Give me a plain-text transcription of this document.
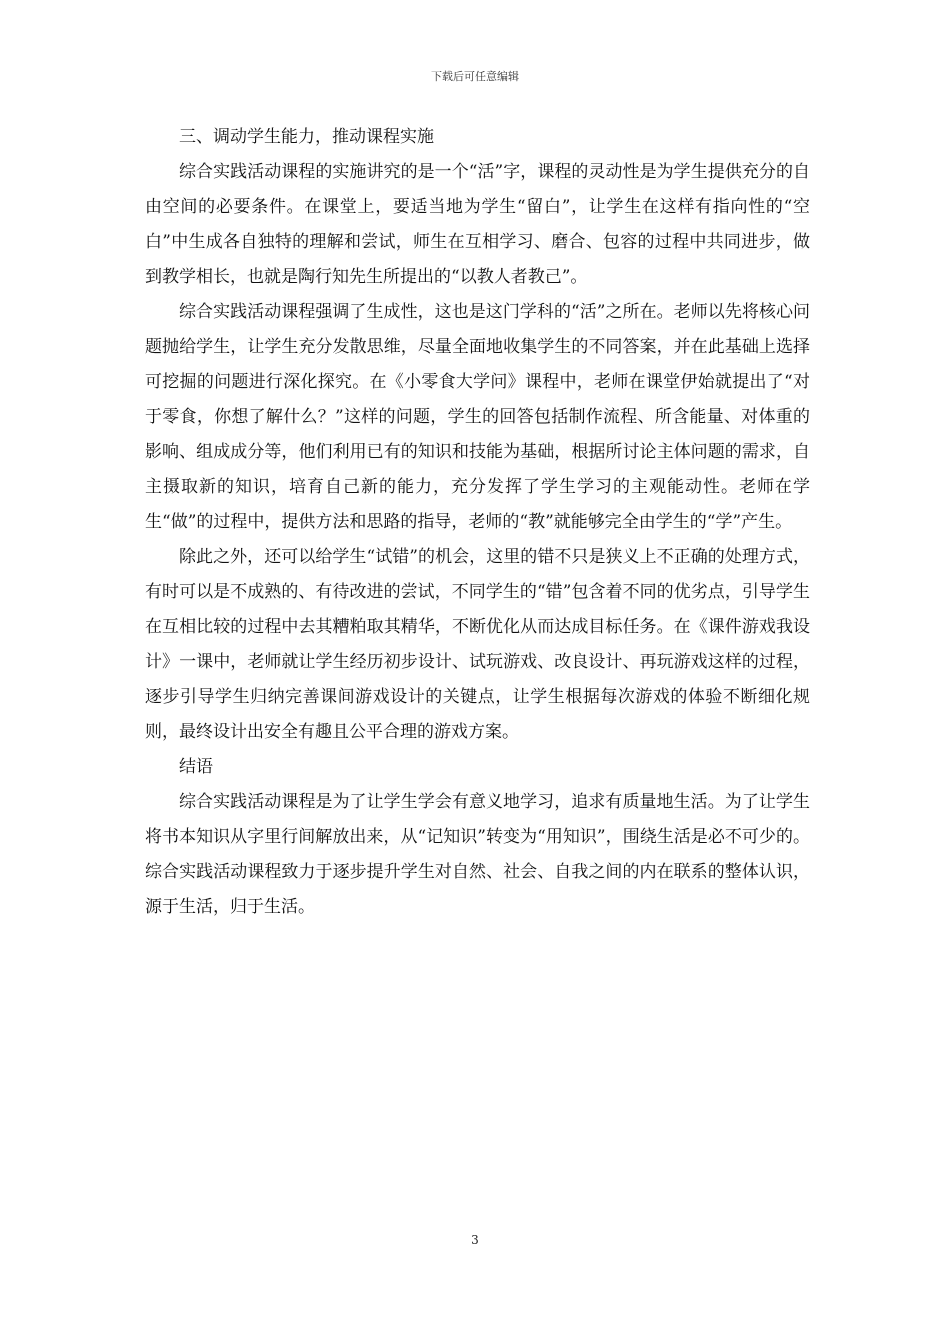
下载后可任意编辑

三、调动学生能力，推动课程实施

综合实践活动课程的实施讲究的是一个“活”字，课程的灵动性是为学生提供充分的自由空间的必要条件。在课堂上，要适当地为学生“留白”，让学生在这样有指向性的“空白”中生成各自独特的理解和尝试，师生在互相学习、磨合、包容的过程中共同进步，做到教学相长，也就是陶行知先生所提出的“以教人者教己”。

综合实践活动课程强调了生成性，这也是这门学科的“活”之所在。老师以先将核心问题抛给学生，让学生充分发散思维，尽量全面地收集学生的不同答案，并在此基础上选择可挖掘的问题进行深化探究。在《小零食大学问》课程中，老师在课堂伊始就提出了“对于零食，你想了解什么？”这样的问题，学生的回答包括制作流程、所含能量、对体重的影响、组成成分等，他们利用已有的知识和技能为基础，根据所讨论主体问题的需求，自主摄取新的知识，培育自己新的能力，充分发挥了学生学习的主观能动性。老师在学生“做”的过程中，提供方法和思路的指导，老师的“教”就能够完全由学生的“学”产生。

除此之外，还可以给学生“试错”的机会，这里的错不只是狭义上不正确的处理方式，有时可以是不成熟的、有待改进的尝试，不同学生的“错”包含着不同的优劣点，引导学生在互相比较的过程中去其糟粕取其精华，不断优化从而达成目标任务。在《课件游戏我设计》一课中，老师就让学生经历初步设计、试玩游戏、改良设计、再玩游戏这样的过程，逐步引导学生归纳完善课间游戏设计的关键点，让学生根据每次游戏的体验不断细化规则，最终设计出安全有趣且公平合理的游戏方案。

结语

综合实践活动课程是为了让学生学会有意义地学习，追求有质量地生活。为了让学生将书本知识从字里行间解放出来，从“记知识”转变为“用知识”，围绕生活是必不可少的。综合实践活动课程致力于逐步提升学生对自然、社会、自我之间的内在联系的整体认识，源于生活，归于生活。

3
